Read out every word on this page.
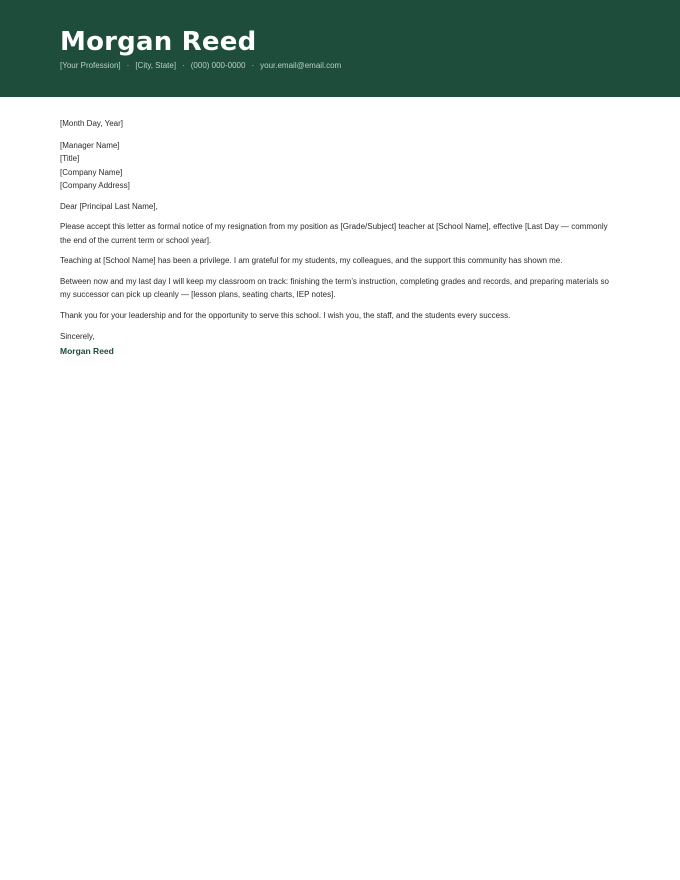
Morgan Reed
[Your Profession] · [City, State] · (000) 000-0000 · your.email@email.com

[Month Day, Year]

[Manager Name]
[Title]
[Company Name]
[Company Address]

Dear [Principal Last Name],

Please accept this letter as formal notice of my resignation from my position as [Grade/Subject] teacher at [School Name], effective [Last Day — commonly the end of the current term or school year].

Teaching at [School Name] has been a privilege. I am grateful for my students, my colleagues, and the support this community has shown me.

Between now and my last day I will keep my classroom on track: finishing the term’s instruction, completing grades and records, and preparing materials so my successor can pick up cleanly — [lesson plans, seating charts, IEP notes].

Thank you for your leadership and for the opportunity to serve this school. I wish you, the staff, and the students every success.

Sincerely,

Morgan Reed
